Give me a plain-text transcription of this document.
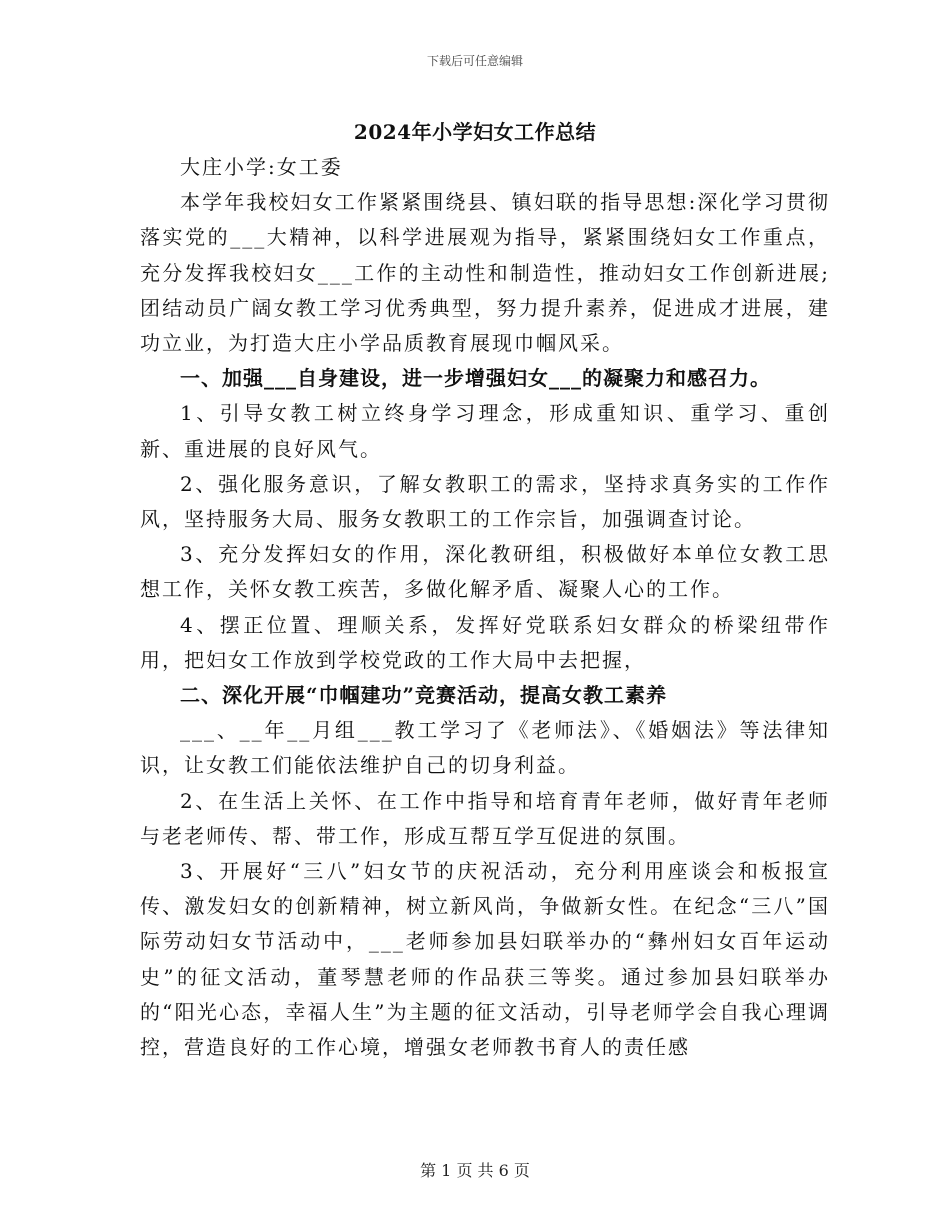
下载后可任意编辑
2024年小学妇女工作总结

大庄小学:女工委

本学年我校妇女工作紧紧围绕县、镇妇联的指导思想:深化学习贯彻落实党的___大精神，以科学进展观为指导，紧紧围绕妇女工作重点，充分发挥我校妇女___工作的主动性和制造性，推动妇女工作创新进展;团结动员广阔女教工学习优秀典型，努力提升素养，促进成才进展，建功立业，为打造大庄小学品质教育展现巾帼风采。

一、加强___自身建设，进一步增强妇女___的凝聚力和感召力。

1、引导女教工树立终身学习理念，形成重知识、重学习、重创新、重进展的良好风气。

2、强化服务意识，了解女教职工的需求，坚持求真务实的工作作风，坚持服务大局、服务女教职工的工作宗旨，加强调查讨论。

3、充分发挥妇女的作用，深化教研组，积极做好本单位女教工思想工作，关怀女教工疾苦，多做化解矛盾、凝聚人心的工作。

4、摆正位置、理顺关系，发挥好党联系妇女群众的桥梁纽带作用，把妇女工作放到学校党政的工作大局中去把握，

二、深化开展“巾帼建功”竞赛活动，提高女教工素养

___、__年__月组___教工学习了《老师法》、《婚姻法》等法律知识，让女教工们能依法维护自己的切身利益。

2、在生活上关怀、在工作中指导和培育青年老师，做好青年老师与老老师传、帮、带工作，形成互帮互学互促进的氛围。

3、开展好“三八”妇女节的庆祝活动，充分利用座谈会和板报宣传、激发妇女的创新精神，树立新风尚，争做新女性。在纪念“三八”国际劳动妇女节活动中，___老师参加县妇联举办的“彝州妇女百年运动史”的征文活动，董琴慧老师的作品获三等奖。通过参加县妇联举办的“阳光心态，幸福人生”为主题的征文活动，引导老师学会自我心理调控，营造良好的工作心境，增强女老师教书育人的责任感

第 1 页 共 6 页
